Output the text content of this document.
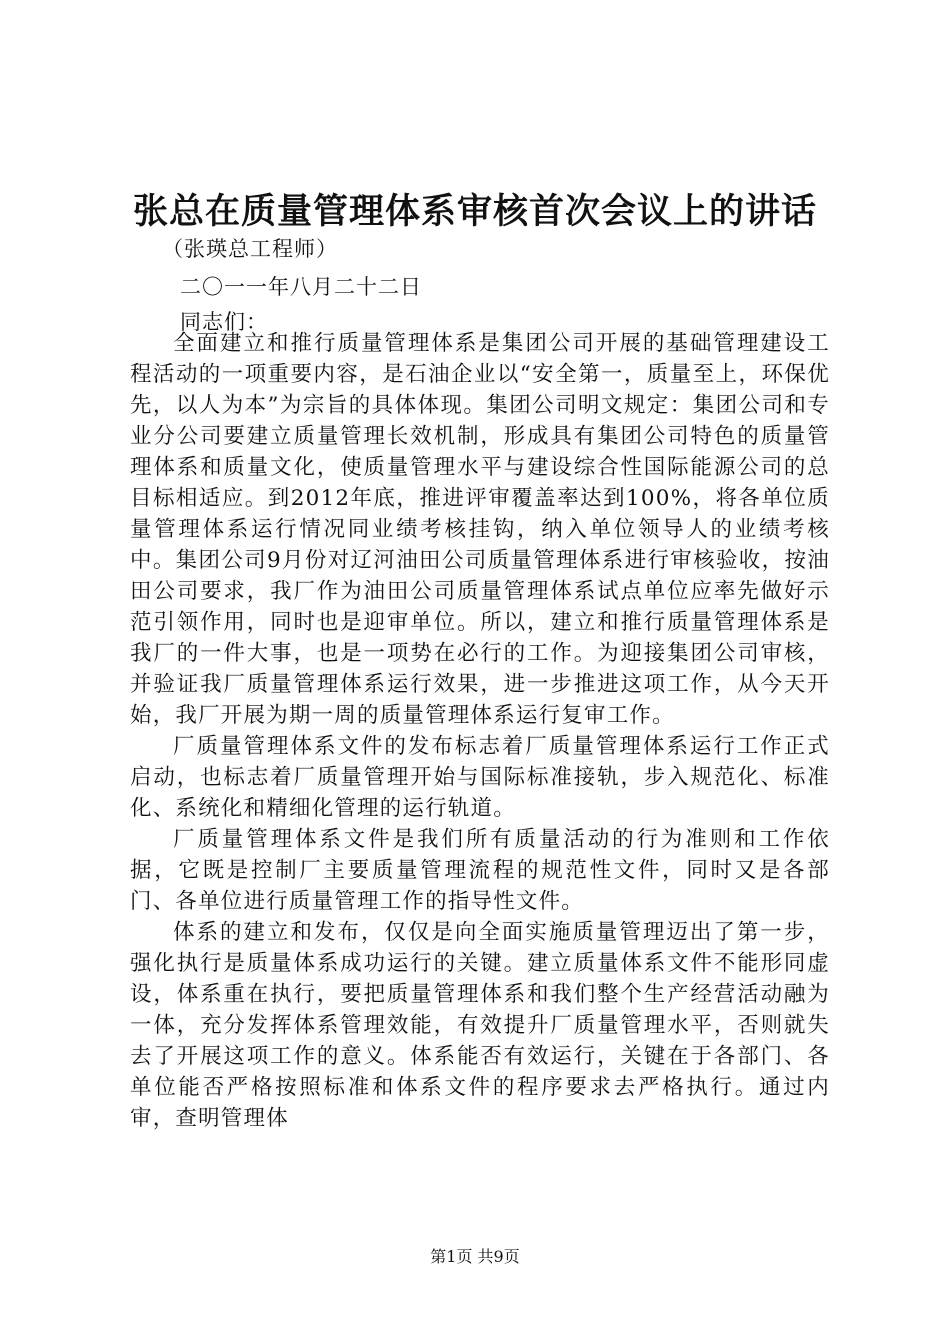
张总在质量管理体系审核首次会议上的讲话
（张瑛总工程师）
二〇一一年八月二十二日
同志们：

全面建立和推行质量管理体系是集团公司开展的基础管理建设工程活动的一项重要内容，是石油企业以“安全第一，质量至上，环保优先，以人为本”为宗旨的具体体现。集团公司明文规定：集团公司和专业分公司要建立质量管理长效机制，形成具有集团公司特色的质量管理体系和质量文化，使质量管理水平与建设综合性国际能源公司的总目标相适应。到2012年底，推进评审覆盖率达到100%，将各单位质量管理体系运行情况同业绩考核挂钩，纳入单位领导人的业绩考核中。集团公司9月份对辽河油田公司质量管理体系进行审核验收，按油田公司要求，我厂作为油田公司质量管理体系试点单位应率先做好示范引领作用，同时也是迎审单位。所以，建立和推行质量管理体系是我厂的一件大事，也是一项势在必行的工作。为迎接集团公司审核，并验证我厂质量管理体系运行效果，进一步推进这项工作，从今天开始，我厂开展为期一周的质量管理体系运行复审工作。

厂质量管理体系文件的发布标志着厂质量管理体系运行工作正式启动，也标志着厂质量管理开始与国际标准接轨，步入规范化、标准化、系统化和精细化管理的运行轨道。

厂质量管理体系文件是我们所有质量活动的行为准则和工作依据，它既是控制厂主要质量管理流程的规范性文件，同时又是各部门、各单位进行质量管理工作的指导性文件。

体系的建立和发布，仅仅是向全面实施质量管理迈出了第一步，强化执行是质量体系成功运行的关键。建立质量体系文件不能形同虚设，体系重在执行，要把质量管理体系和我们整个生产经营活动融为一体，充分发挥体系管理效能，有效提升厂质量管理水平，否则就失去了开展这项工作的意义。体系能否有效运行，关键在于各部门、各单位能否严格按照标准和体系文件的程序要求去严格执行。通过内审，查明管理体

第1页 共9页
